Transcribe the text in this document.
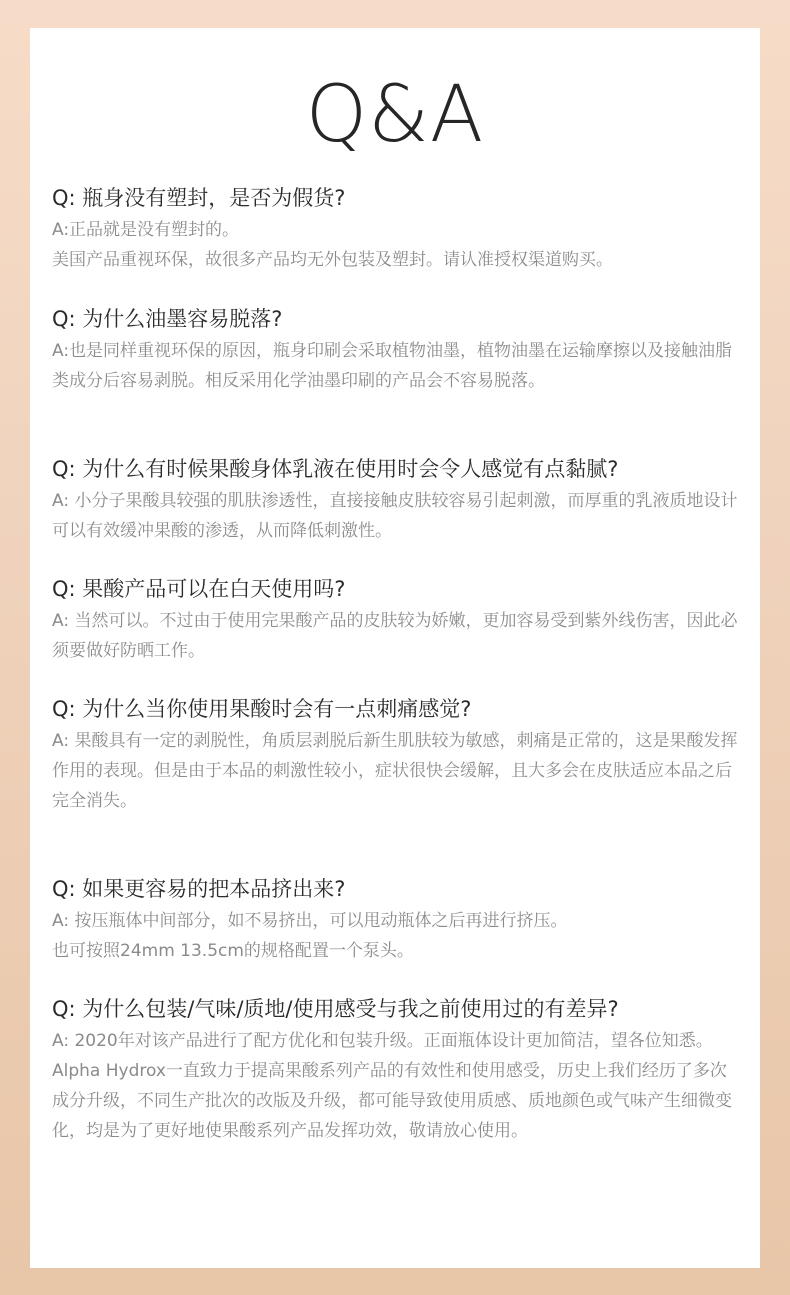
Q&A

Q: 瓶身没有塑封，是否为假货?

A:正品就是没有塑封的。

美国产品重视环保，故很多产品均无外包装及塑封。请认准授权渠道购买。

Q: 为什么油墨容易脱落?

A:也是同样重视环保的原因，瓶身印刷会采取植物油墨，植物油墨在运输摩擦以及接触油脂类成分后容易剥脱。相反采用化学油墨印刷的产品会不容易脱落。

Q: 为什么有时候果酸身体乳液在使用时会令人感觉有点黏腻?

A: 小分子果酸具较强的肌肤渗透性，直接接触皮肤较容易引起刺激，而厚重的乳液质地设计可以有效缓冲果酸的渗透，从而降低刺激性。

Q: 果酸产品可以在白天使用吗?

A: 当然可以。不过由于使用完果酸产品的皮肤较为娇嫩，更加容易受到紫外线伤害，因此必须要做好防晒工作。

Q: 为什么当你使用果酸时会有一点刺痛感觉?

A: 果酸具有一定的剥脱性，角质层剥脱后新生肌肤较为敏感，刺痛是正常的，这是果酸发挥作用的表现。但是由于本品的刺激性较小，症状很快会缓解，且大多会在皮肤适应本品之后完全消失。

Q: 如果更容易的把本品挤出来?

A: 按压瓶体中间部分，如不易挤出，可以甩动瓶体之后再进行挤压。

也可按照24mm 13.5cm的规格配置一个泵头。

Q: 为什么包装/气味/质地/使用感受与我之前使用过的有差异?

A: 2020年对该产品进行了配方优化和包装升级。正面瓶体设计更加简洁，望各位知悉。

Alpha Hydrox一直致力于提高果酸系列产品的有效性和使用感受，历史上我们经历了多次成分升级，不同生产批次的改版及升级，都可能导致使用质感、质地颜色或气味产生细微变化，均是为了更好地使果酸系列产品发挥功效，敬请放心使用。
